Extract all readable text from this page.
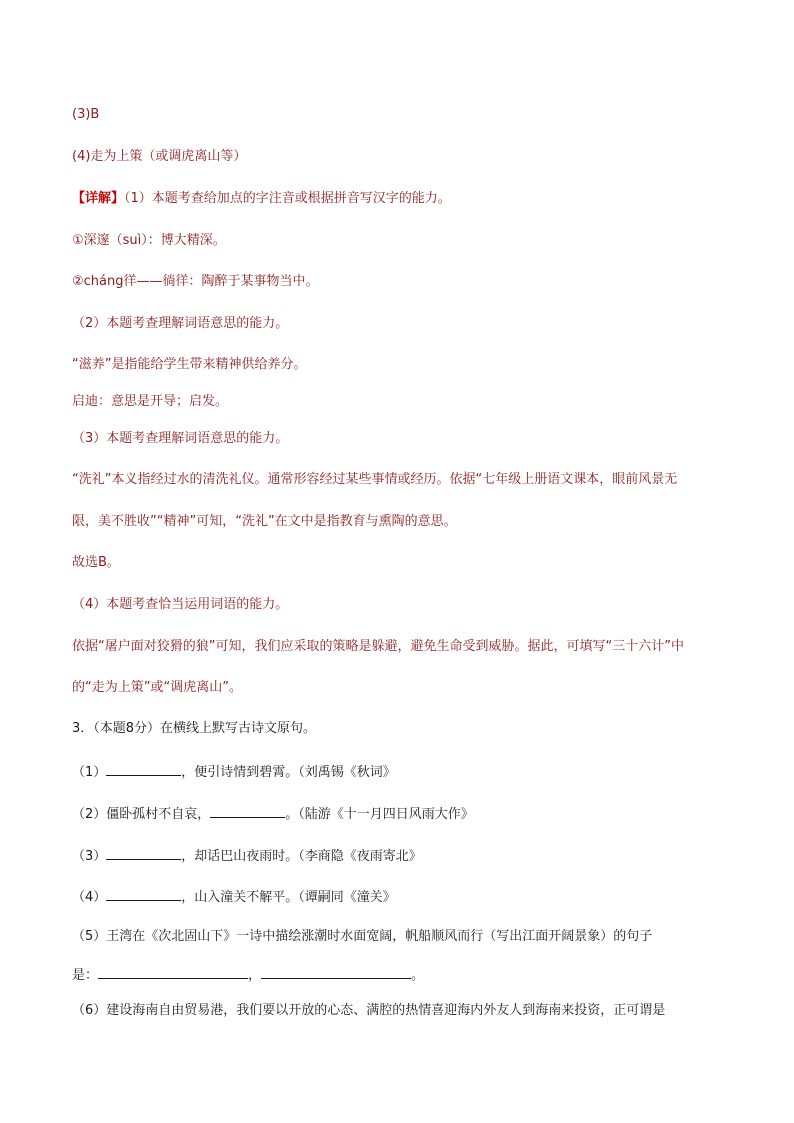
(3)B
(4)走为上策（或调虎离山等）
【详解】（1）本题考查给加点的字注音或根据拼音写汉字的能力。
①深邃（suì）：博大精深。
②cháng徉——徜徉：陶醉于某事物当中。
（2）本题考查理解词语意思的能力。
“滋养”是指能给学生带来精神供给养分。
启迪：意思是开导；启发。
（3）本题考查理解词语意思的能力。
“洗礼”本义指经过水的清洗礼仪。通常形容经过某些事情或经历。依据“七年级上册语文课本，眼前风景无
限，美不胜收”“精神”可知，“洗礼”在文中是指教育与熏陶的意思。
故选B。
（4）本题考查恰当运用词语的能力。
依据“屠户面对狡猾的狼”可知，我们应采取的策略是躲避，避免生命受到威胁。据此，可填写“三十六计”中
的“走为上策”或“调虎离山”。
3．（本题8分）在横线上默写古诗文原句。
（1）	，便引诗情到碧霄。（刘禹锡《秋词》
（2）僵卧孤村不自哀，	。（陆游《十一月四日风雨大作》
（3）	，却话巴山夜雨时。（李商隐《夜雨寄北》
（4）	，山入潼关不解平。（谭嗣同《潼关》
（5）王湾在《次北固山下》一诗中描绘涨潮时水面宽阔，帆船顺风而行（写出江面开阔景象）的句子
是：	，	。
（6）建设海南自由贸易港，我们要以开放的心态、满腔的热情喜迎海内外友人到海南来投资，正可谓是
